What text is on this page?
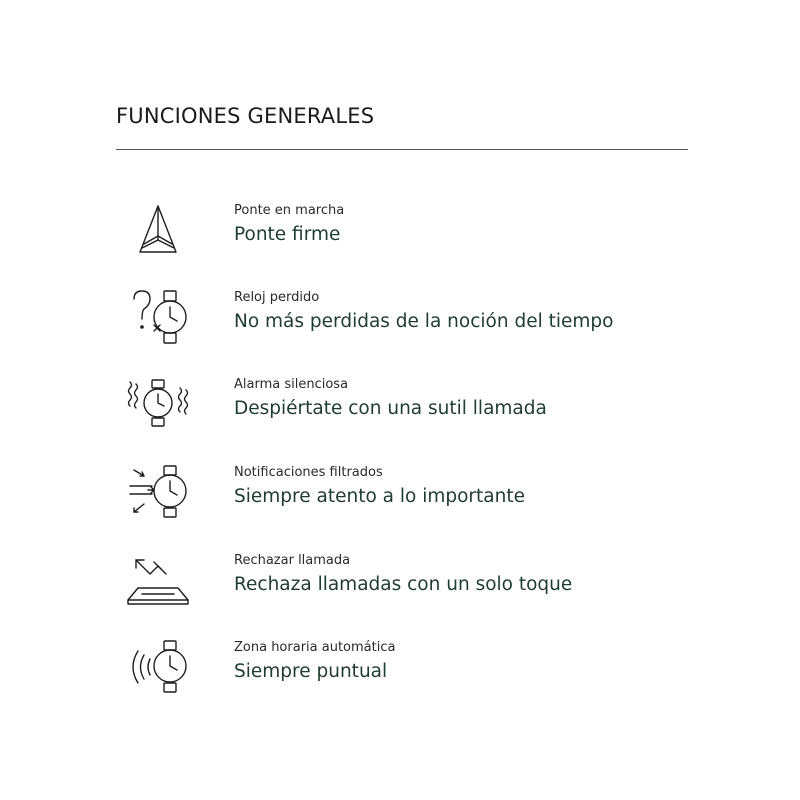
FUNCIONES GENERALES
Ponte en marcha
Ponte firme
Reloj perdido
No más perdidas de la noción del tiempo
Alarma silenciosa
Despiértate con una sutil llamada
Notificaciones filtrados
Siempre atento a lo importante
Rechazar llamada
Rechaza llamadas con un solo toque
Zona horaria automática
Siempre puntual
